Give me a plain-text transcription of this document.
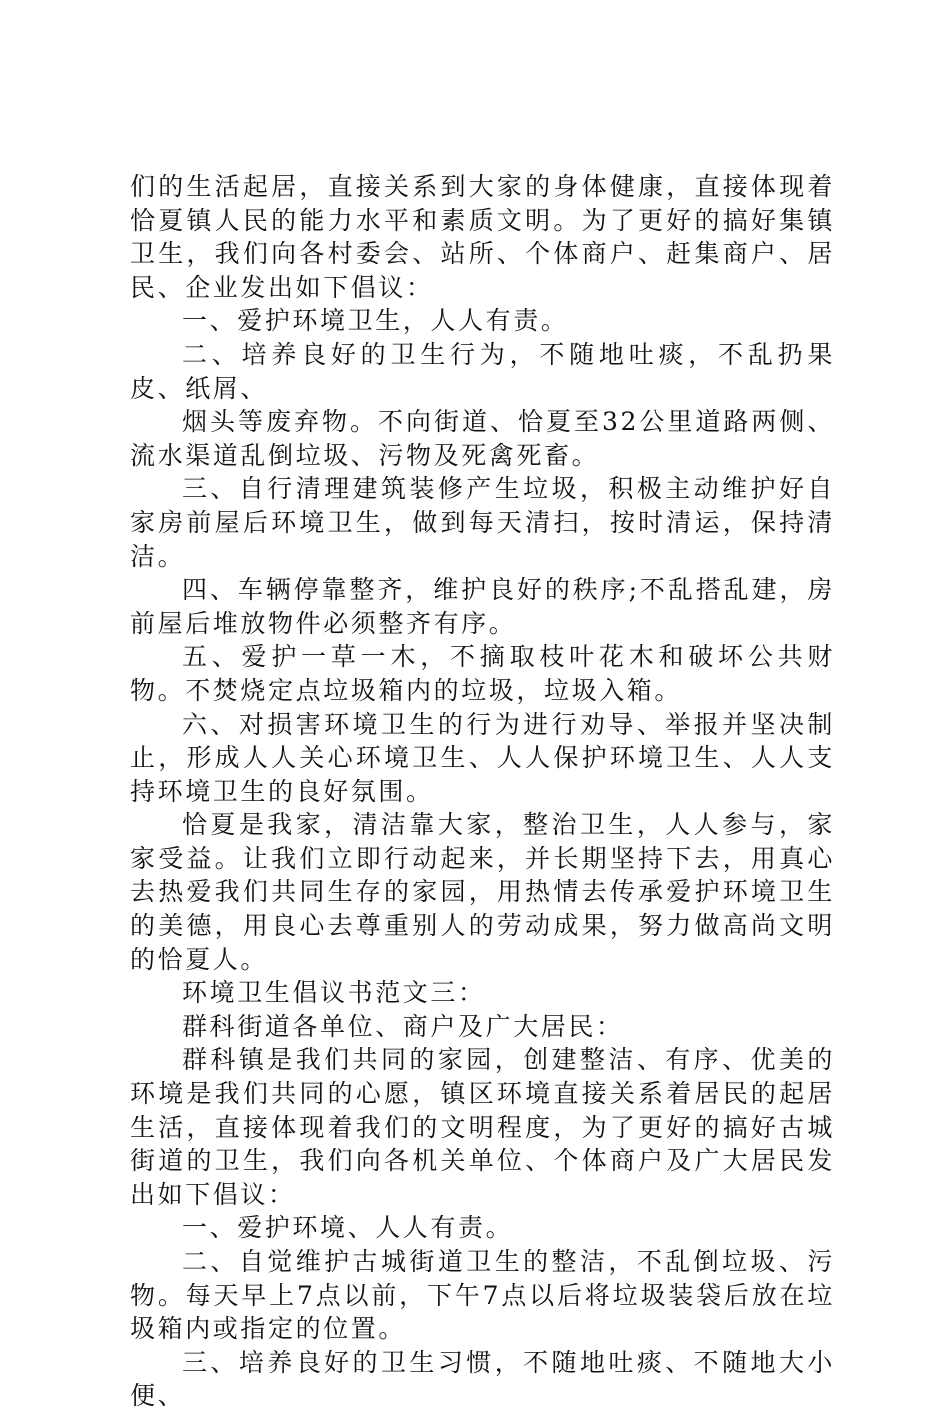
们的生活起居，直接关系到大家的身体健康，直接体现着恰夏镇人民的能力水平和素质文明。为了更好的搞好集镇卫生，我们向各村委会、站所、个体商户、赶集商户、居民、企业发出如下倡议：

一、爱护环境卫生，人人有责。

二、培养良好的卫生行为，不随地吐痰，不乱扔果皮、纸屑、

烟头等废弃物。不向街道、恰夏至32公里道路两侧、流水渠道乱倒垃圾、污物及死禽死畜。

三、自行清理建筑装修产生垃圾，积极主动维护好自家房前屋后环境卫生，做到每天清扫，按时清运，保持清洁。

四、车辆停靠整齐，维护良好的秩序;不乱搭乱建，房前屋后堆放物件必须整齐有序。

五、爱护一草一木，不摘取枝叶花木和破坏公共财物。不焚烧定点垃圾箱内的垃圾，垃圾入箱。

六、对损害环境卫生的行为进行劝导、举报并坚决制止，形成人人关心环境卫生、人人保护环境卫生、人人支持环境卫生的良好氛围。

恰夏是我家，清洁靠大家，整治卫生，人人参与，家家受益。让我们立即行动起来，并长期坚持下去，用真心去热爱我们共同生存的家园，用热情去传承爱护环境卫生的美德，用良心去尊重别人的劳动成果，努力做高尚文明的恰夏人。

环境卫生倡议书范文三：

群科街道各单位、商户及广大居民：

群科镇是我们共同的家园，创建整洁、有序、优美的环境是我们共同的心愿，镇区环境直接关系着居民的起居生活，直接体现着我们的文明程度，为了更好的搞好古城街道的卫生，我们向各机关单位、个体商户及广大居民发出如下倡议：

一、爱护环境、人人有责。

二、自觉维护古城街道卫生的整洁，不乱倒垃圾、污物。每天早上7点以前，下午7点以后将垃圾装袋后放在垃圾箱内或指定的位置。

三、培养良好的卫生习惯，不随地吐痰、不随地大小便、
